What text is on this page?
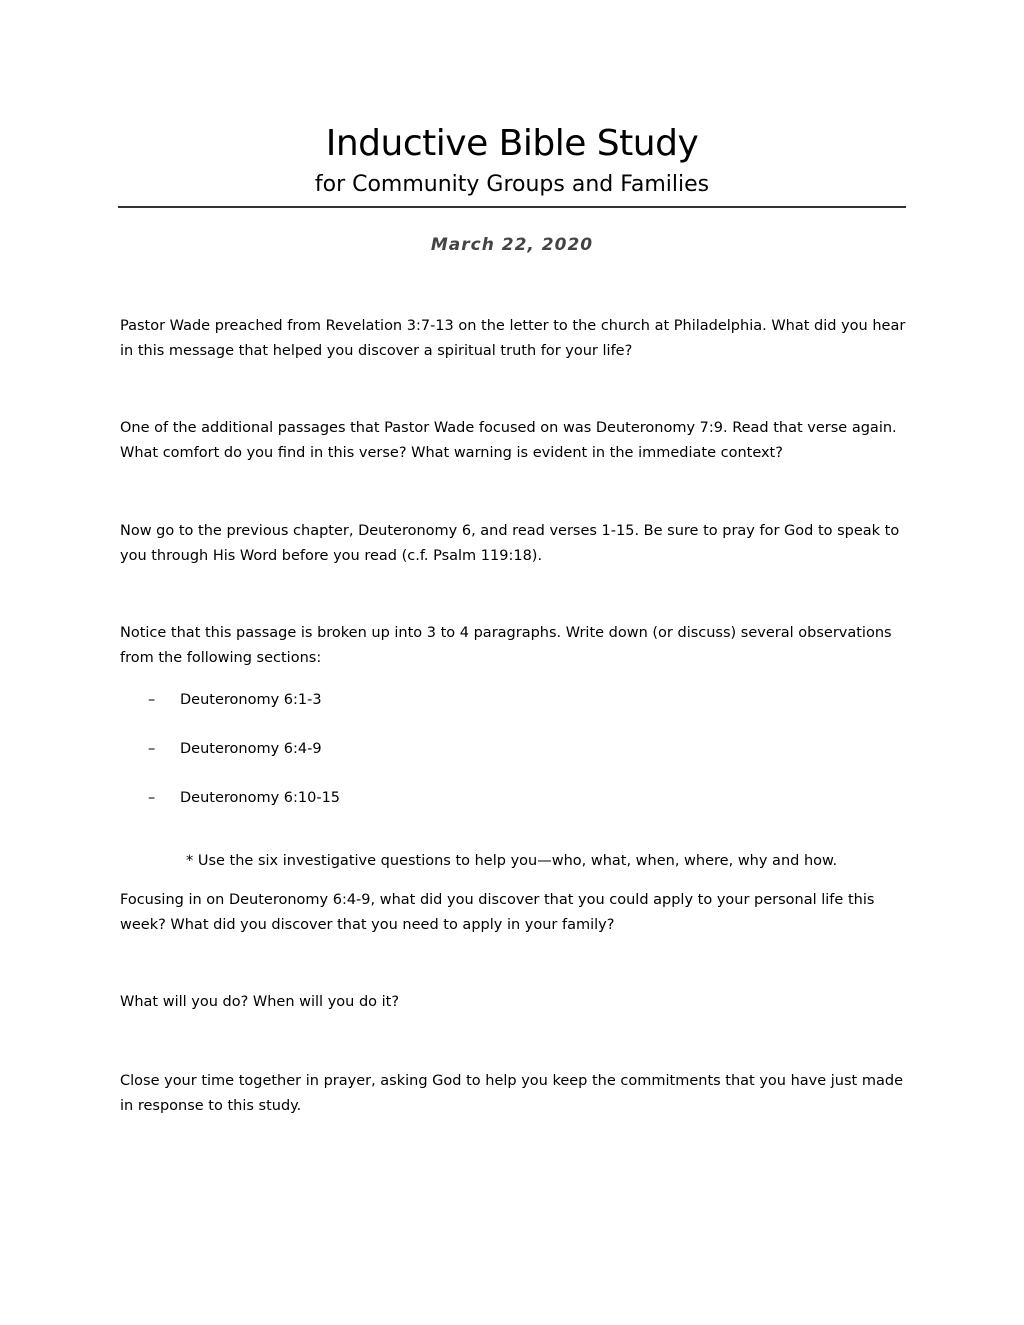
Inductive Bible Study
for Community Groups and Families
March 22, 2020

Pastor Wade preached from Revelation 3:7-13 on the letter to the church at Philadelphia. What did you hear in this message that helped you discover a spiritual truth for your life?

One of the additional passages that Pastor Wade focused on was Deuteronomy 7:9. Read that verse again. What comfort do you find in this verse? What warning is evident in the immediate context?

Now go to the previous chapter, Deuteronomy 6, and read verses 1-15. Be sure to pray for God to speak to you through His Word before you read (c.f. Psalm 119:18).

Notice that this passage is broken up into 3 to 4 paragraphs. Write down (or discuss) several observations from the following sections:

– Deuteronomy 6:1-3
– Deuteronomy 6:4-9
– Deuteronomy 6:10-15
* Use the six investigative questions to help you—who, what, when, where, why and how.

Focusing in on Deuteronomy 6:4-9, what did you discover that you could apply to your personal life this week? What did you discover that you need to apply in your family?

What will you do? When will you do it?

Close your time together in prayer, asking God to help you keep the commitments that you have just made in response to this study.
